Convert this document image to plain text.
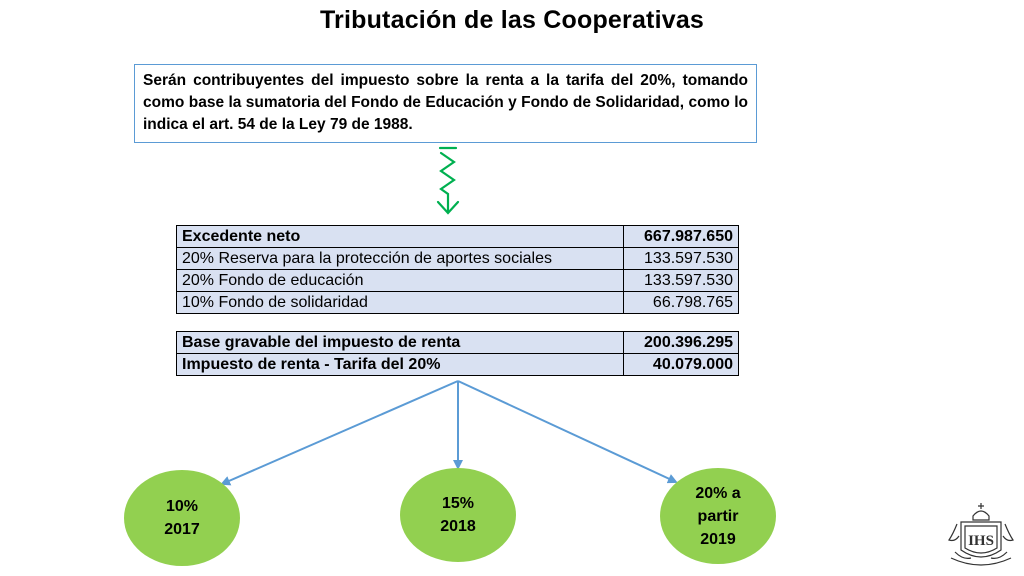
Tributación de las Cooperativas
Serán contribuyentes del impuesto sobre la renta a la tarifa del 20%, tomando como base la sumatoria del Fondo de Educación y Fondo de Solidaridad, como lo indica el art. 54 de la Ley 79 de 1988.
Excedente neto	667.987.650
20% Reserva para la protección de aportes sociales	133.597.530
20% Fondo de educación	133.597.530
10% Fondo de solidaridad	66.798.765
Base gravable del impuesto de renta	200.396.295
Impuesto de renta - Tarifa del 20%	40.079.000
10%
2017
15%
2018
20% a
partir
2019	IHS
